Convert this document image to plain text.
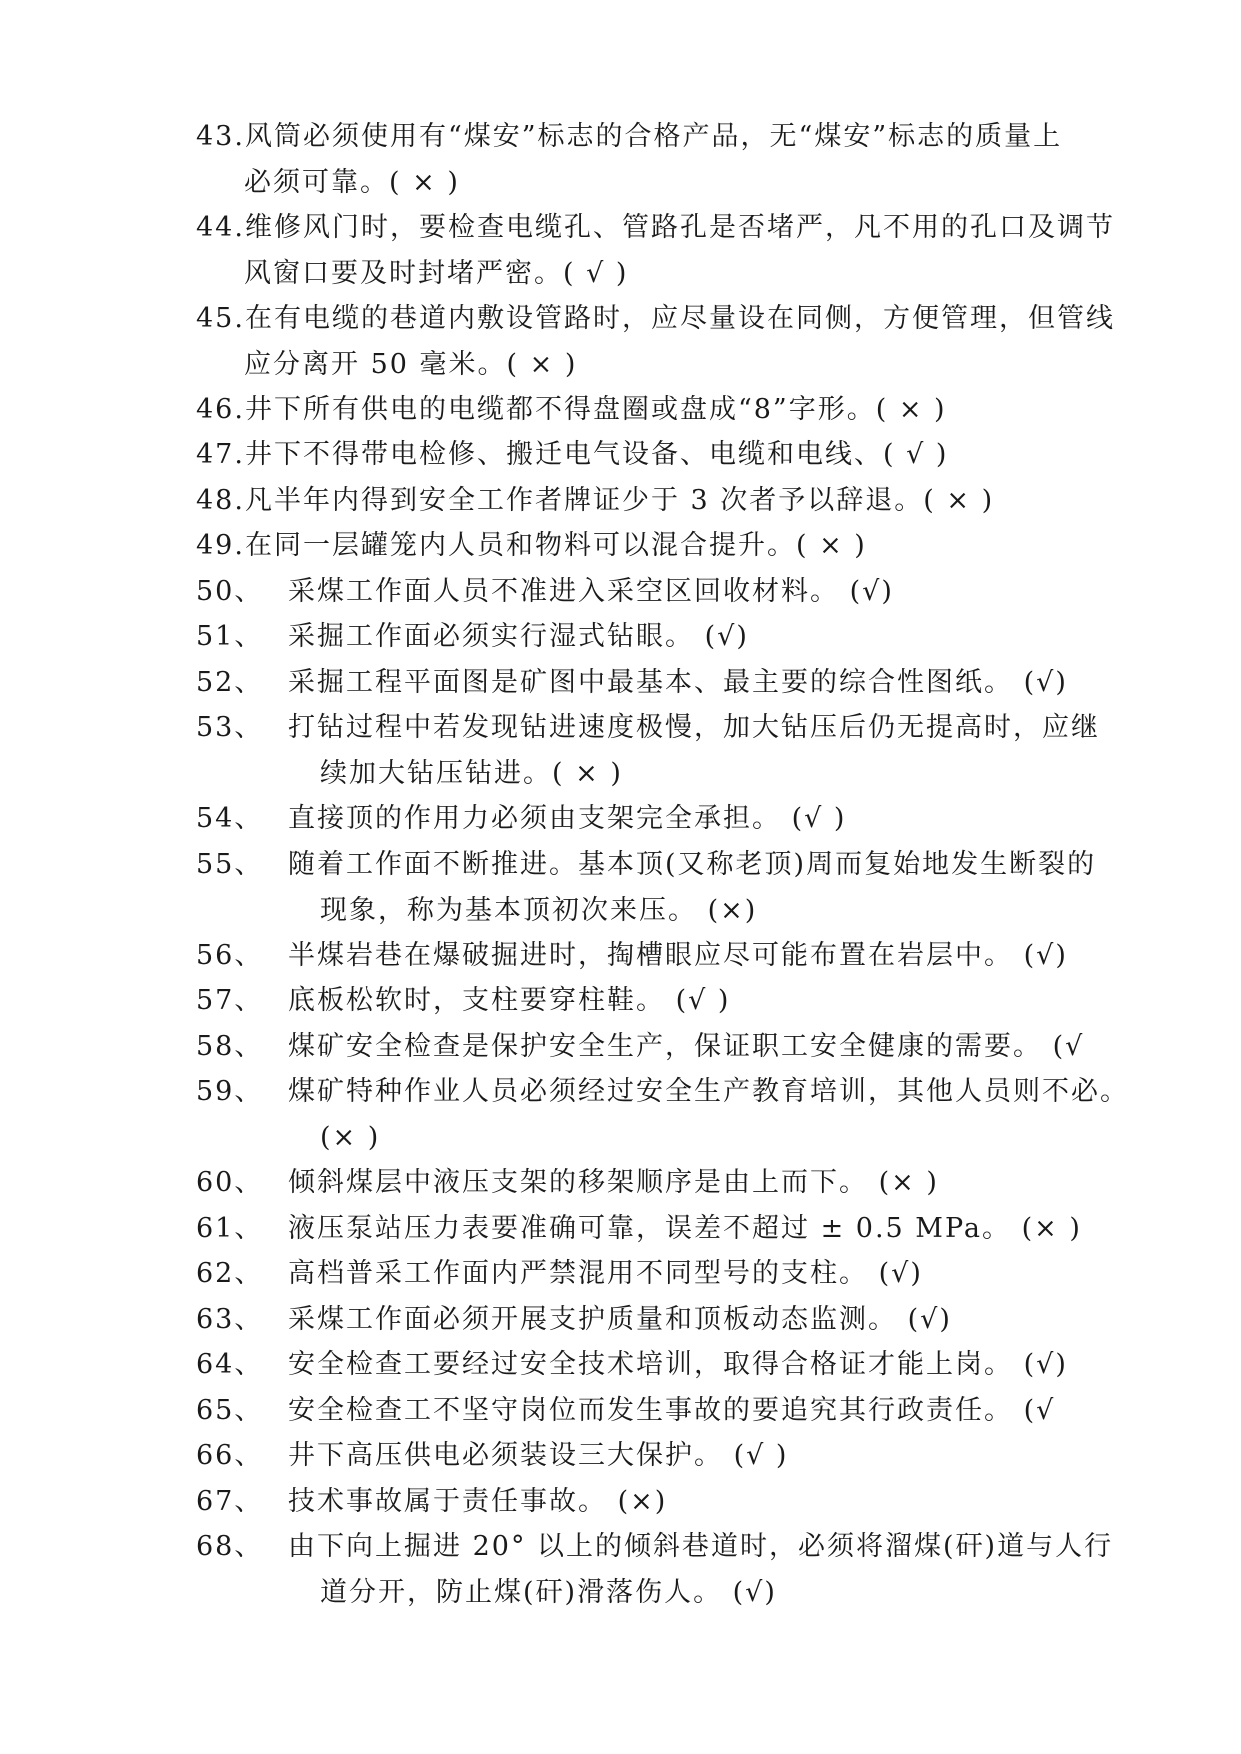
43.风筒必须使用有“煤安”标志的合格产品，无“煤安”标志的质量上
必须可靠。( × )
44.维修风门时，要检查电缆孔、管路孔是否堵严，凡不用的孔口及调节
风窗口要及时封堵严密。( √ )
45.在有电缆的巷道内敷设管路时，应尽量设在同侧，方便管理，但管线
应分离开 50 毫米。( × )
46.井下所有供电的电缆都不得盘圈或盘成“8”字形。( × )
47.井下不得带电检修、搬迁电气设备、电缆和电线、( √ )
48.凡半年内得到安全工作者牌证少于 3 次者予以辞退。( × )
49.在同一层罐笼内人员和物料可以混合提升。( × )
50、 采煤工作面人员不准进入采空区回收材料。 (√)
51、 采掘工作面必须实行湿式钻眼。 (√)
52、 采掘工程平面图是矿图中最基本、最主要的综合性图纸。 (√)
53、 打钻过程中若发现钻进速度极慢，加大钻压后仍无提高时，应继
续加大钻压钻进。( × )
54、 直接顶的作用力必须由支架完全承担。 (√ )
55、 随着工作面不断推进。基本顶(又称老顶)周而复始地发生断裂的
现象，称为基本顶初次来压。 (×)
56、 半煤岩巷在爆破掘进时，掏槽眼应尽可能布置在岩层中。 (√)
57、 底板松软时，支柱要穿柱鞋。 (√ )
58、 煤矿安全检查是保护安全生产，保证职工安全健康的需要。 (√
59、 煤矿特种作业人员必须经过安全生产教育培训，其他人员则不必。
(× )
60、 倾斜煤层中液压支架的移架顺序是由上而下。 (× )
61、 液压泵站压力表要准确可靠，误差不超过 ± 0.5 MPa。 (× )
62、 高档普采工作面内严禁混用不同型号的支柱。 (√)
63、 采煤工作面必须开展支护质量和顶板动态监测。 (√)
64、 安全检查工要经过安全技术培训，取得合格证才能上岗。 (√)
65、 安全检查工不坚守岗位而发生事故的要追究其行政责任。 (√
66、 井下高压供电必须装设三大保护。 (√ )
67、 技术事故属于责任事故。 (×)
68、 由下向上掘进 20° 以上的倾斜巷道时，必须将溜煤(矸)道与人行
道分开，防止煤(矸)滑落伤人。 (√)
